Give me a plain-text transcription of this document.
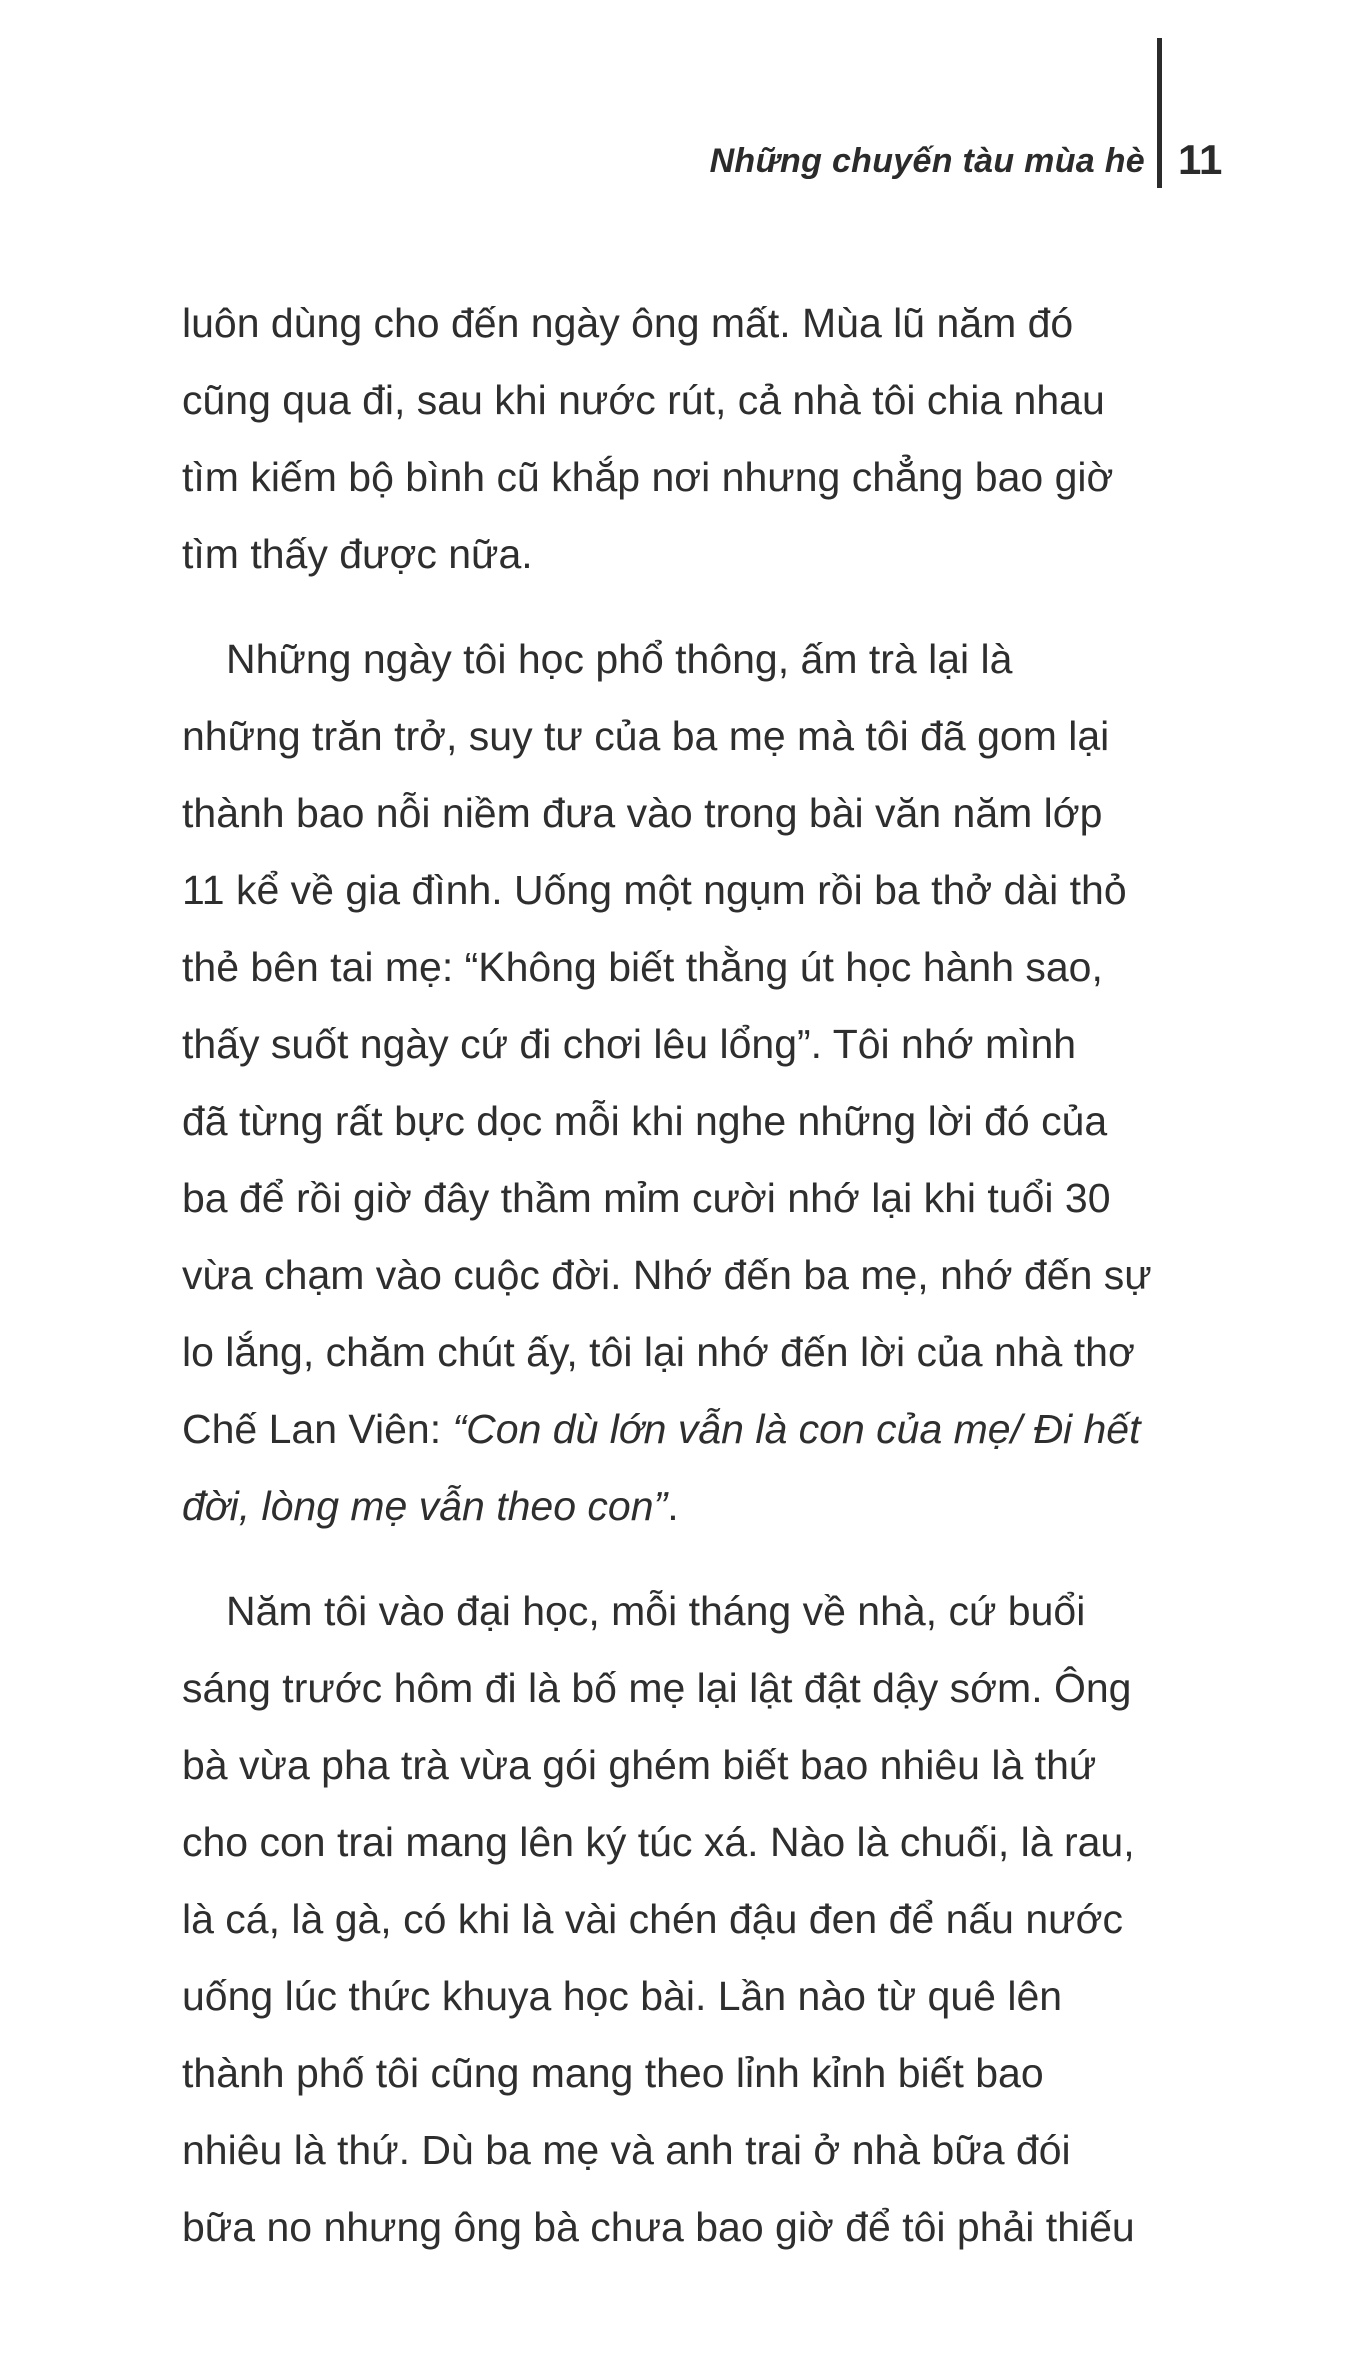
Những chuyến tàu mùa hè 11

luôn dùng cho đến ngày ông mất. Mùa lũ năm đó

cũng qua đi, sau khi nước rút, cả nhà tôi chia nhau

tìm kiếm bộ bình cũ khắp nơi nhưng chẳng bao giờ

tìm thấy được nữa.

Những ngày tôi học phổ thông, ấm trà lại là

những trăn trở, suy tư của ba mẹ mà tôi đã gom lại

thành bao nỗi niềm đưa vào trong bài văn năm lớp

11 kể về gia đình. Uống một ngụm rồi ba thở dài thỏ

thẻ bên tai mẹ: “Không biết thằng út học hành sao,

thấy suốt ngày cứ đi chơi lêu lổng”. Tôi nhớ mình

đã từng rất bực dọc mỗi khi nghe những lời đó của

ba để rồi giờ đây thầm mỉm cười nhớ lại khi tuổi 30

vừa chạm vào cuộc đời. Nhớ đến ba mẹ, nhớ đến sự

lo lắng, chăm chút ấy, tôi lại nhớ đến lời của nhà thơ

Chế Lan Viên: “Con dù lớn vẫn là con của mẹ/ Đi hết

đời, lòng mẹ vẫn theo con”.

Năm tôi vào đại học, mỗi tháng về nhà, cứ buổi

sáng trước hôm đi là bố mẹ lại lật đật dậy sớm. Ông

bà vừa pha trà vừa gói ghém biết bao nhiêu là thứ

cho con trai mang lên ký túc xá. Nào là chuối, là rau,

là cá, là gà, có khi là vài chén đậu đen để nấu nước

uống lúc thức khuya học bài. Lần nào từ quê lên

thành phố tôi cũng mang theo lỉnh kỉnh biết bao

nhiêu là thứ. Dù ba mẹ và anh trai ở nhà bữa đói

bữa no nhưng ông bà chưa bao giờ để tôi phải thiếu
